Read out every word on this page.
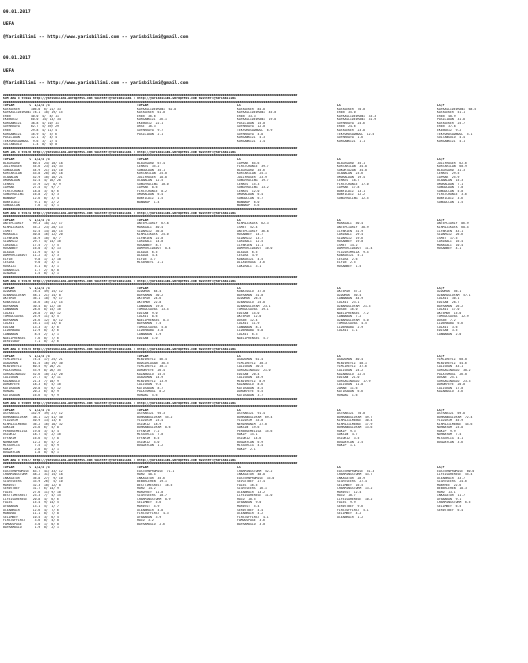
09.01.2017

UEFA

@YarisBilimi -- http://www.yarisbilimi.com -- yarisbilimi@gmail.com

09.01.2017

UEFA

@YarisBilimi -- http://www.yarisbilimi.com -- yarisbilimi@gmail.com

##############################################################################################################################################################
KUM ARA = 97044 http://yarisbilimi.wordpress.com twitter:@YarisBilimi : http://yarisbilimi.wordpress.com twitter:@YarisBilimi
##############################################################################################################################################################
TOPLAM        %  1/2/3 /3	TOPLAM	LS	LS	LS/F
KAYASEKER      106.0  6/ 21/ 33	KAFKASLIDEVRANI  62.8	KAYASEKER  84.8	KAYASEKER  70.0	KAFKASLIDEVRANI  68.5
KAFKASLIDEVRANI 78.1  10/ 19/ 15	KAYASEKER  61.0	KAFKASLIDEVRANI  45.0	EREN  35.0	KAYASEKER  51.1
EREN           40.0  4/  8/ 11	EREN  36.6	EREN  33.3	KAFKASLIDEVRANI  33.3	EREN  40.9
EKENSKIZ       60.0  14/ 13/ 34	KORSANKIZI  26.1	KAFKASLIDEVRANI  19.8	KAFKASLIDEVRANI  31.9	PASILIDAN  31.8
KORSANKIZI     38.8  4/ 10/ 11	EKENSKIZ  22.1	PASILIDAN  15.0	GUFRKKAYA  24.6	KAYASEKER  25.7
GUFRKKAYA      62.7  5/ 49/ 29	ORSE  16.3	GUFRKKAYA  12.0	EREN  24.6	EREN  37.8
EREN           29.8  4/ 11/ 4	GUFRKKAYA  9.7	TEKFORDSADBOGL  6.9	KAYASEKER  23.8	EKENSKIZ  9.2
KORSANKIZI     16.9  4/  5/ 6	PASILIDAN  2.1	GUFRKKAYA  4.8	TEKFORDSADBOGL  12.5	TEKFORDSADBOGL  5.1
PASILIDAN      12.1  3/  4/ 4	KORSANKIZI  4.3	GUFRKKAYA  1.6	SULTANGULU  4.4
TEKFORDSADBOGL  9.6  3/  2/ 4	KORSANKIZI  1.4	KORSANKIZI  1.1	KORSANKIZI  4.1
SULTANGULU      1.4  0/  0/ 0
##############################################################################################################################################################
KUM INC = 97070 http://yarisbilimi.wordpress.com twitter:@YarisBilimi : http://yarisbilimi.wordpress.com twitter:@YarisBilimi
##############################################################################################################################################################
TOPLAM        %  1/2/3 /3	TOPLAM	LS	LS	LS/F
BLACKGARD       60.5  24/ 10/ 18	BLACKGARD  67.4	IAPRAK  64.6	BLACKGARD  35.1	JOLLYROGER  62.6
JOLLYROGER      55.6  23/ 14/ 33	CERKES  35.2	FIRSTCHANCE  39.7	KURTARILAN  34.8	KURTARILAN  60.9
SONGULDAN       44.9  21/ 14/ 10	SONGULDAN  35.1	BLACKGARD  35.6	SUKURTAZAN  34.0	BLACKGARD  31.3
KURTARILAN      43.8  20/ 16/ 18	KURTARILAN  25.0	KURTARILAN  25.1	UCANALAN  23.6	CERKES  29.5
UCANALAN        42.9  10/ 18/ 21	JOLLYROGER  18.8	JOLLYROGER  23.9	UMURALDAN  19.4	IAPRAK  25.9
UMURALDAN       42.4  4/ 16/ 28	UCANALAN  12.5	SUNGFRACING  19.7	CERKES  18.7	UCANALAN  15.3
CERKES          37.9  12/  8/ 9	SUNGFRACING  10.0	CERKES  15.3	FIRSTCHANCE  17.0	UMURALDAN  7.1
IAPRAK          27.5  5/  9/ 7	IAPRAK  8.6	SUNGFRACING  13.2	IAPRAK  17.8	SONGULDAN  7.0
FIRSTCHANCE     18.8  3/  0/ 6	FIRSTCHANCE  8.2	CERKES  12.0	BONYILDIZ  13.1	SONGULCAN  5.0
SUNGFRACING     16.8  2/  4/ 3	UMURALDAN  6.4	UMURALDAN  6.4	BONYILDIZ  12.2	FIRSTCHANCE  3.6
WANNAUP         12.6  0/  3/ 4	BONYILDIZ  1.5	SONGULCAN  6.7	SUNGFRACING  12.5	BONYILDIZ  3.6
BONYILDIZ        9.1  0/  2/ 2	WANNAUP  1.4	WANNAUP  6.0	SONGULCAN  1.5
SONGULCAN        7.6  1/  4/ 1	WANNAUP  5.6
##############################################################################################################################################################
KUM ARA = 97074 http://yarisbilimi.wordpress.com twitter:@YarisBilimi : http://yarisbilimi.wordpress.com twitter:@YarisBilimi
##############################################################################################################################################################
TOPLAM        %  1/2/3 /3	TOPLAM	LS	LS	LS/F
ANTEPLIARIF     99.3  18/ 22/ 17	ANTEPLIARIF  67.8	KIRMIZIKAYA  62.3	MARASALI  50.4	ANTEPLIARIF  86.9
KIRMIZIKAYA     55.2  23/ 20/ 13	MARASALI  40.4	ISMET  52.4	ANTEPLIARIF  38.9	KIRMIZIKAYA  68.4
ISMET           52.5  14/ 18/ 14	SIDARGIZ  36.8	ANTEPLIARIF  36.8	ILYBRIEN  31.9	ILYBRIEN  43.1
MARASALI        40.8  16/ 12/ 20	KIRMIZIKAYA  25.0	HOSANBEY  14.7	CARIBALI  29.4	SIDARGIZ  26.6
ILYBRIEN        34.9  10/  8/ 7	ILYBRIEN  22.0	SIDARGIZ  13.7	SIDARGIZ  19.6	ISMET  17.5
SIDARGIZ        29.7  4/ 14/ 10	CARIBALI  14.0	CARIBALI  12.5	HOSANBEY  19.0	CARIBALI  16.4
CARIBALI        17.5  7/  7/ 5	HOSANBEY  8.7	ILYBRIEN  11.1	ISMET  14.2	MARASALI  10.4
HOSANBEY        16.0  3/  4/ 13	DAMPERCIDAVUT  8.4	DAMPERCIDAVUT  10.0	DAMPERCIDAVUT  11.4	HOSANBEY  4.1
ALAIDA          11.9  4/  4/ 4	ALAIDA  6.5	ALAIDA  6.5	YILDIRIMRIZA  9.4
DAMPERCIDAVUT   11.2  3/  1/ 3	ALAIDA  4.4	CESIKA  4.9	KOBASKIZI  5.1
ELFIN            9.8  1/  1/ 10	ELFIN  3.7	KOBASKIZI  4.5	CESIKA  2.6
CESIKA           9.0  3/  3/ 1	MISERBEYI  2.1	DILAVERAGA  3.6	ELFIN  2.5
ROSKIZI          5.1  0/  3/ 1	CAKIRALI  3.1	HOSANBEY  1.5
GOBAKKIZI        1.7  2/  0/ 0
AZADAGA          1.5  0/  1/ 1
##############################################################################################################################################################
KUM ARA = 97076 http://yarisbilimi.wordpress.com twitter:@YarisBilimi : http://yarisbilimi.wordpress.com twitter:@YarisBilimi
##############################################################################################################################################################
TOPLAM        %  1/2/3 /3	TOPLAM	LS	LS	LS/F
OZDORUK         78.4  49/ 15/ 12	OZDORUK  64.4	KUBATOGLU  37.0	AKTEMIR  57.2	OZDORUK  56.1
OZBAROGLUYAM    58.1  21/ 14/ 8	BAYRAMAN  30.2	BAYRAMAN  31.0	OZDORUK  50.4	OZBAROGLUYAM  57.1
AKTEMIR         36.1  10/  9/ 17	AKTEMIR  24.6	OZDORUK  26.5	CANNABAN  44.9	COLAVI  30.1
KUBATOGLU       34.6  16/ 21/ 14	AKTEMUR  22.8	OZBAROGLU  25.8	COLAVI  23.1	EDISAN  28.7
BAYRAMAN        30.4  8/ 12/ 10	CANNABAN  19.6	OZBAROGLUYAM  23.1	OZBAROGLUYAM  21.3	BAYRAMAN  26.2
CANNABAN        28.6  8/ 15/ 10	TUMSULSAVAS  13.4	TUMSULSAVAS  19.1	DUSEN  16.0	COLAVI  17.0
COLAVI          26.8  7/ 10/ 12	EDISAN  9.0	EDISAN  14.0	NAELIPRENSES  7.2	AKTEMUR  15.0
TUMSULSAVAS     25.9  11/ 4/ 5	COLAVI  8.6	AKTEMIR  12.0	CANNABAN  7.2	TUMSULSAVAS  12.9
BAYRAMAN        24.6  12/  8/ 12	NAELIPRENSES  8.3	DUSEN  12.4	OZBAROGLUYAM  5.0	DUSEN  7.2
COLAVI          16.1  13/ 13/ 8	BAYRAMAN  7.5	COLAVI  11.9	TUMSULSAVAS  4.5	LIDERBABA  6.6
EDISAN          13.3  3/  3/ 6	TUMSULSAVAS  5.8	CANNABAN  8.1	LIDERBABA  2.9	COLAVI  3.6
LIDERBABA       12.9  0/  3/ 6	LIDERBABA  3.0	LIDERBABA  6.8	COLAVI  1.1	EDISAN  3.5
CANNABAN         8.5  2/  1/ 1	CANNABAN  1.9	COLAVI  6.3	CANNABAN  2.0
NAELIPRENSES     7.6  0/  7/ 6	EDISAN  1.0	NAELIPRENSES  5.7
DERVISBAY        7.1  0/  2/ 6
##############################################################################################################################################################
KUM ARA = 97075 http://yarisbilimi.wordpress.com twitter:@YarisBilimi : http://yarisbilimi.wordpress.com twitter:@YarisBilimi
##############################################################################################################################################################
TOPLAM        %  1/2/3 /3	TOPLAM	LS	LS	LS/F
YIMCIREYIZ      74.4  17/ 25/ 21	MINIVREYIZ  46.4	AGAOSMAN  61.4	AGAOSMAN  40.4	YIMCIREYIZ  60.0
AGAOSMAN        61.5  16/ 19/ 30	BUDGIRLAGAN  38.5	YIMCIREYIZ  30.3	MINIVREYIZ  40.1	MINIVREYIZ  54.6
MINIVREYIZ      60.5  9/ 20/ 21	YIMCIREYIZ  30.1	CALISKAN  30.5	YIMCIREYIZ  37.6	CALISKAN  43.1
PALATUMOGL      53.9  8/ 26/ 35	DORUKFEYE  26.4	GURSAGINOGLU  21.0	CALISKAN  24.2	GURSAGINOGLU  30.2
GURSAGINOGLU    52.6  10/ 21/ 20	KAZANOGLU  15.5	EDISAN  20.4	KAZANOGLU  22.5	PALATUMOGL  26.0
CALISKAN        27.7  4/  3/ 11	AGAOSMAN  14.9	CALISKAN  18.9	EDISAN  21.0	DUSAN  25.1
KAZANOGLU       21.3  7/ 10/ 9	MINIVREYIZ  13.9	MINIVREYIZ  8.9	GURSAGINOGLU  17.9	GURSAGINOGLU  23.3
DORUKFEYE       18.3  6/  5/ 10	CALISKAN  9.4	KAZANOGLU  8.6	CALISKAN  11.8	DORUKFEYE  20.0
KATIKADAN       20.8  5/  6/ 12	KATIKADAN  8.7	KATIKADAN  8.5	ZAMAN  11.6	CALISKAN  17.0
HURDAG          20.2  6/  8/ 9	PALATUMOGL  8.2	DORUKFEYE  6.5	KATIKADAN  6.6	KAZANOGLU  3.6
KATIKADAN       16.6  5/  9/ 9	HURDAG  5.6	KATIKADAN  3.7	HURDAG  1.6
##############################################################################################################################################################
KUM ARA = 97069 http://yarisbilimi.wordpress.com twitter:@YarisBilimi : http://yarisbilimi.wordpress.com twitter:@YarisBilimi
##############################################################################################################################################################
TOPLAM        %  1/2/3 /3	TOPLAM	LS	LS	LS/F
ASTRAKIZI      142.9  39/ 27/ 12	ASTRAKIZI  95.3	ASTRAKIZI  91.4	ASTRAKIZI  70.0	ASTRAKIZI  69.8
BUHRANOGLUYAM   38.1  12/ 41/ 40	BUHRANOGLUYAM  55.2	BUHRANOGLUYAM  69.4	BUHRANOGLUYAM  49.7	BUHRANOGLUYAM  72.4
YILDIRIM        40.9  13/ 13/ 6	YILDIRIM  23.4	YILDIRIM  33.0	KIRMIZILMENSE  30.4	YILDIRIM  45.9
KIRMIZILMENSE   36.2  16/ 18/ 32	USLUKIZ  18.9	NEHIRHANIM  27.0	KIRMIZILMENSE  17.9	KIRMIZILMENSE  44.6
GOKSIN          23.6  6/  5/ 8	BUHRANOGLUYAM  8.6	GOKSIN  19.6	BUHRANOGLUYAM  13.6	NUHBAYAM  23.8
PERENSEMELISA   19.0  3/  4/ 4	EYYARIM  7.2	PERENSEMELISA  15.6	RAKIP  9.3	RAKIP  9.9
USLUKIZ         18.7  4/  2/ 10	MISSERCIG  7.0	RAKIP  15.1	GOKSIN  4.7	NUHBAYAM  7.4
EYYARIM         16.6  5/  7/ 8	EYYARIM  6.5	USLUKIZ  14.6	USLUKIZ  3.5	MISSERCIG  4.1
NUHBAYAM        12.2  0/  5/ 2	USLUKIZ  4.0	BUGDAYCAN  6.9	BUGDAYCAN  2.5	BUGDAYCAN  3.6
MISSERCIG        7.5  1/  0/ 9	BUGDAYCAN  1.2	MISSERCIG  4.4	RAKIP  1.1
RAKIP            2.6  0/  1/ 1	RAKIP  2.1
BUGDAYCAN        1.8  0/  0/ 1
##############################################################################################################################################################
KUM ARA = 97077 http://yarisbilimi.wordpress.com twitter:@YarisBilimi : http://yarisbilimi.wordpress.com twitter:@YarisBilimi
##############################################################################################################################################################
TOPLAM        %  1/2/3 /3	TOPLAM	LS	LS	LS/F
EASTERNPROMISE  83.7  41/ 33/ 12	EASTERNPROMISE  71.1	CHARMINGSTORM  52.2	EASTERNPROMISE  51.3	EASTERNPROMISE  60.0
CHARMINGSTORM   48.2  31/ 15/ 18	HARO  48.4	INKASATOR  48.8	CHARMINGSTORM  43.7	LIFEISAHERESE  55.4
INKASATOR       36.8  27/  9/ 10	INKASATOR  35.6	EASTERNPROMISE  33.0	INKASATOR  28.9	OCEANHAIR  33.7
SIGHTSEERS      33.9  26/  5/ 10	BEBEKLEHEN  19.1	SEVCETBEY  27.4	SIGHTSEERS  27.4	SIGHTSEERS  24.6
MARVEST         32.3  10/ 12/ 8	BESTTIMESREST  16.5	FALES  16.5	SELIMBEY  16.5	MANYHEE  22.6
SERVETBEY       31.7  6/ 14/ 9	HARO  14.2	SIGHTSEERS  16.1	CHARMINGSTORM  13.2	BEBEKLEHEN  18.3
FALES           27.6  11/ 9/ 10	MAROFKEY  11.0	OCEANHAIR  13.2	MARVEST  12.4	HARO  13.1
BESTTIMESREST   23.3  7/  4/ 15	SIGHTSEERS  10.7	LIFEISAHERESE  11.0	HACO  10.7	INKASATOR  11.7
LIFEISAHERESE   20.8  4/  6/ 6	CHARMINGSTORM  8.9	HACO  10.5	LIFEISAHERESE  10.2	AYABAKAN  9.1
FALES           15.4  9/ 14/ 5	SELIMBEY  5.6	AYABAKAN  9.0	FALES  9.9	CHARMINGSTORM  6.5
AYABAKAN        13.1  5/  1/ 7	MARVEST  4.9	MARVEST  5.4	SERVETBEY  9.6	SELIMBEY  6.5
OCEANHAIR       12.6  4/  7/ 6	OCEANHAIR  4.8	SERVETBEY  4.4	FIRSTOFFIRST  5.1	SERVETBEY  6.4
MANSHAO         11.1  0/  7/ 8	FIRSTOFFIRST  4.3	OCEANHAIR  4.2	SELIMBEY  4.2
SELIMBEY        10.5  3/  6/ 5	AYABAKAN  3.9	FIRSTOFFIRST  4.1	OCEANHAIR  1.2
FIRSTOFFIRST     3.6  0/  4/ 0	HACO  3.2	FAMOUSPAGE  3.6
FAMOUSPAGE       3.0  1/  0/ 0	BAYRAMOGLU  2.6	BAYRAMOGLU  3.0
BAYRAMOGLU       1.9  0/  2/ 1
